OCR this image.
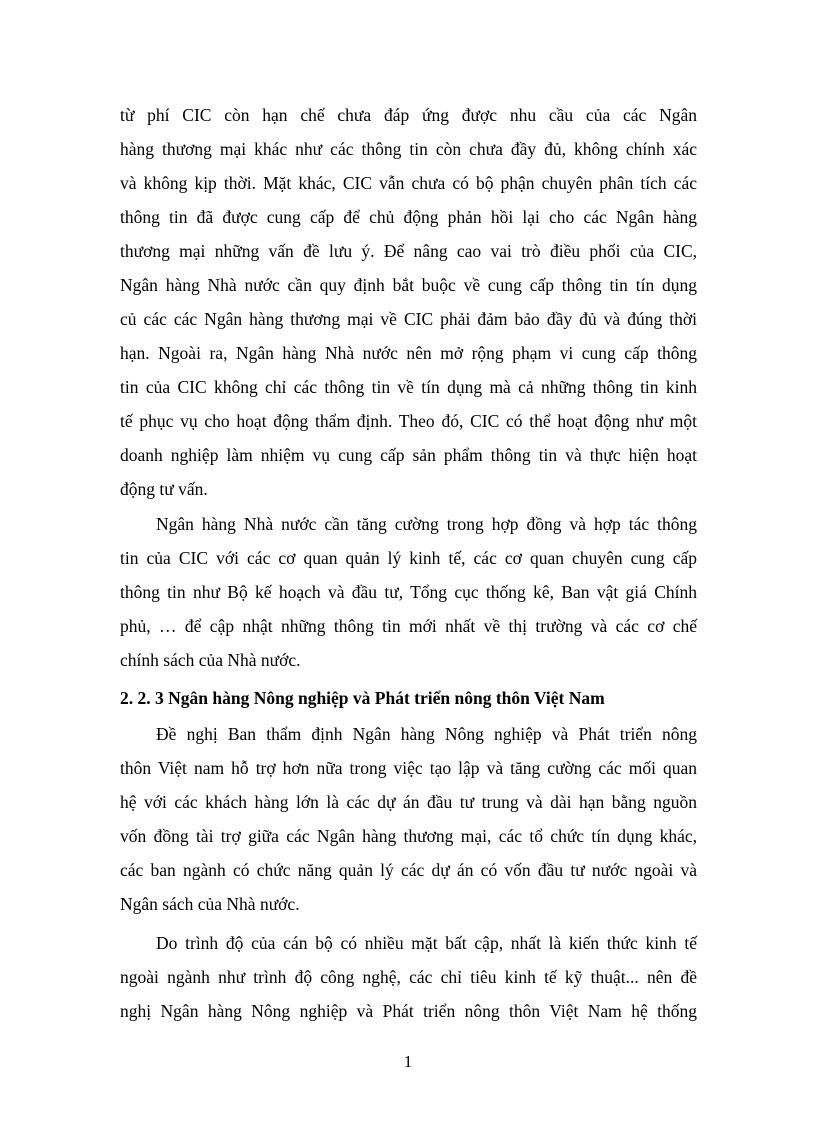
từ phí CIC còn hạn chế chưa đáp ứng được nhu cầu của các Ngân
hàng thương mại khác như các thông tin còn chưa đầy đủ, không chính xác
và không kịp thời. Mặt khác, CIC vẫn chưa có bộ phận chuyên phân tích các
thông tin đã được cung cấp để chủ động phản hồi lại cho các Ngân hàng
thương mại những vấn đề lưu ý. Để nâng cao vai trò điều phối của CIC,
Ngân hàng Nhà nước cần quy định bắt buộc về cung cấp thông tin tín dụng
củ các các Ngân hàng thương mại về CIC phải đảm bảo đầy đủ và đúng thời
hạn. Ngoài ra, Ngân hàng Nhà nước nên mở rộng phạm vi cung cấp thông
tin của CIC không chỉ các thông tin về tín dụng mà cả những thông tin kinh
tế phục vụ cho hoạt động thẩm định. Theo đó, CIC có thể hoạt động như một
doanh nghiệp làm nhiệm vụ cung cấp sản phẩm thông tin và thực hiện hoạt
động tư vấn.
Ngân hàng Nhà nước cần tăng cường trong hợp đồng và hợp tác thông
tin của CIC với các cơ quan quản lý kinh tế, các cơ quan chuyên cung cấp
thông tin như Bộ kế hoạch và đầu tư, Tổng cục thống kê, Ban vật giá Chính
phủ, … để cập nhật những thông tin mới nhất về thị trường và các cơ chế
chính sách của Nhà nước.
2. 2. 3 Ngân hàng Nông nghiệp và Phát triển nông thôn Việt Nam
Đề nghị Ban thẩm định Ngân hàng Nông nghiệp và Phát triển nông
thôn Việt nam hỗ trợ hơn nữa trong việc tạo lập và tăng cường các mối quan
hệ với các khách hàng lớn là các dự án đầu tư trung và dài hạn bằng nguồn
vốn đồng tài trợ giữa các Ngân hàng thương mại, các tổ chức tín dụng khác,
các ban ngành có chức năng quản lý các dự án có vốn đầu tư nước ngoài và
Ngân sách của Nhà nước.
Do trình độ của cán bộ có nhiều mặt bất cập, nhất là kiến thức kinh tế
ngoài ngành như trình độ công nghệ, các chỉ tiêu kinh tế kỹ thuật... nên đề
nghị Ngân hàng Nông nghiệp và Phát triển nông thôn Việt Nam hệ thống
1
